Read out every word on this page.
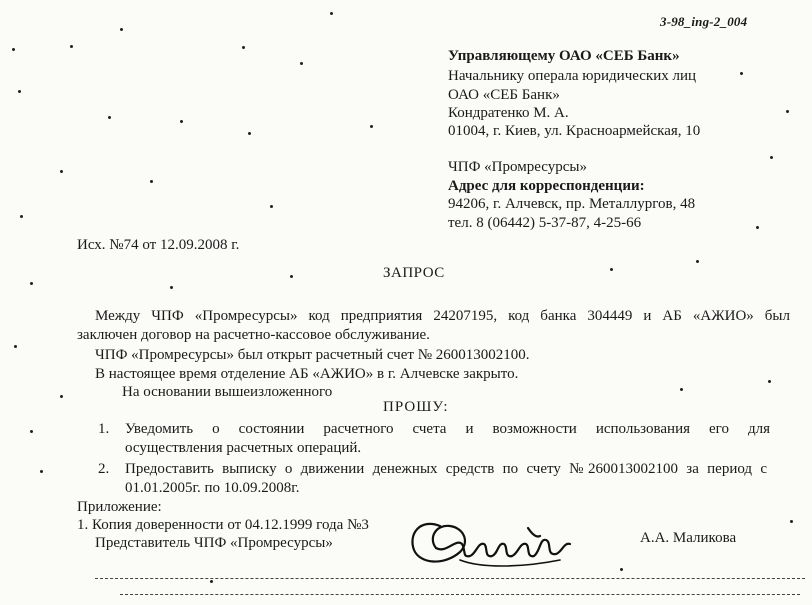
3-98_ing-2_004
Управляющему ОАО «СЕБ Банк»
Начальнику операла юридических лиц
ОАО «СЕБ Банк»
Кондратенко М. А.
01004, г. Киев, ул. Красноармейская, 10
ЧПФ «Промресурсы»
Адрес для корреспонденции:
94206, г. Алчевск, пр. Металлургов, 48
тел. 8 (06442) 5-37-87, 4-25-66
Исх. №74 от 12.09.2008 г.
ЗАПРОС
Между ЧПФ «Промресурсы» код предприятия 24207195, код банка 304449 и АБ «АЖИО» был
заключен договор на расчетно-кассовое обслуживание.
ЧПФ «Промресурсы» был открыт расчетный счет № 260013002100.
В настоящее время отделение АБ «АЖИО» в г. Алчевске закрыто.
На основании вышеизложенного
ПРОШУ:
1. Уведомить о состоянии расчетного счета и возможности использования его для
осуществления расчетных операций.
2. Предоставить выписку о движении денежных средств по счету №260013002100 за период с
01.01.2005г. по 10.09.2008г.
Приложение:
1. Копия доверенности от 04.12.1999 года №3
Представитель ЧПФ «Промресурсы»	А.А. Маликова
